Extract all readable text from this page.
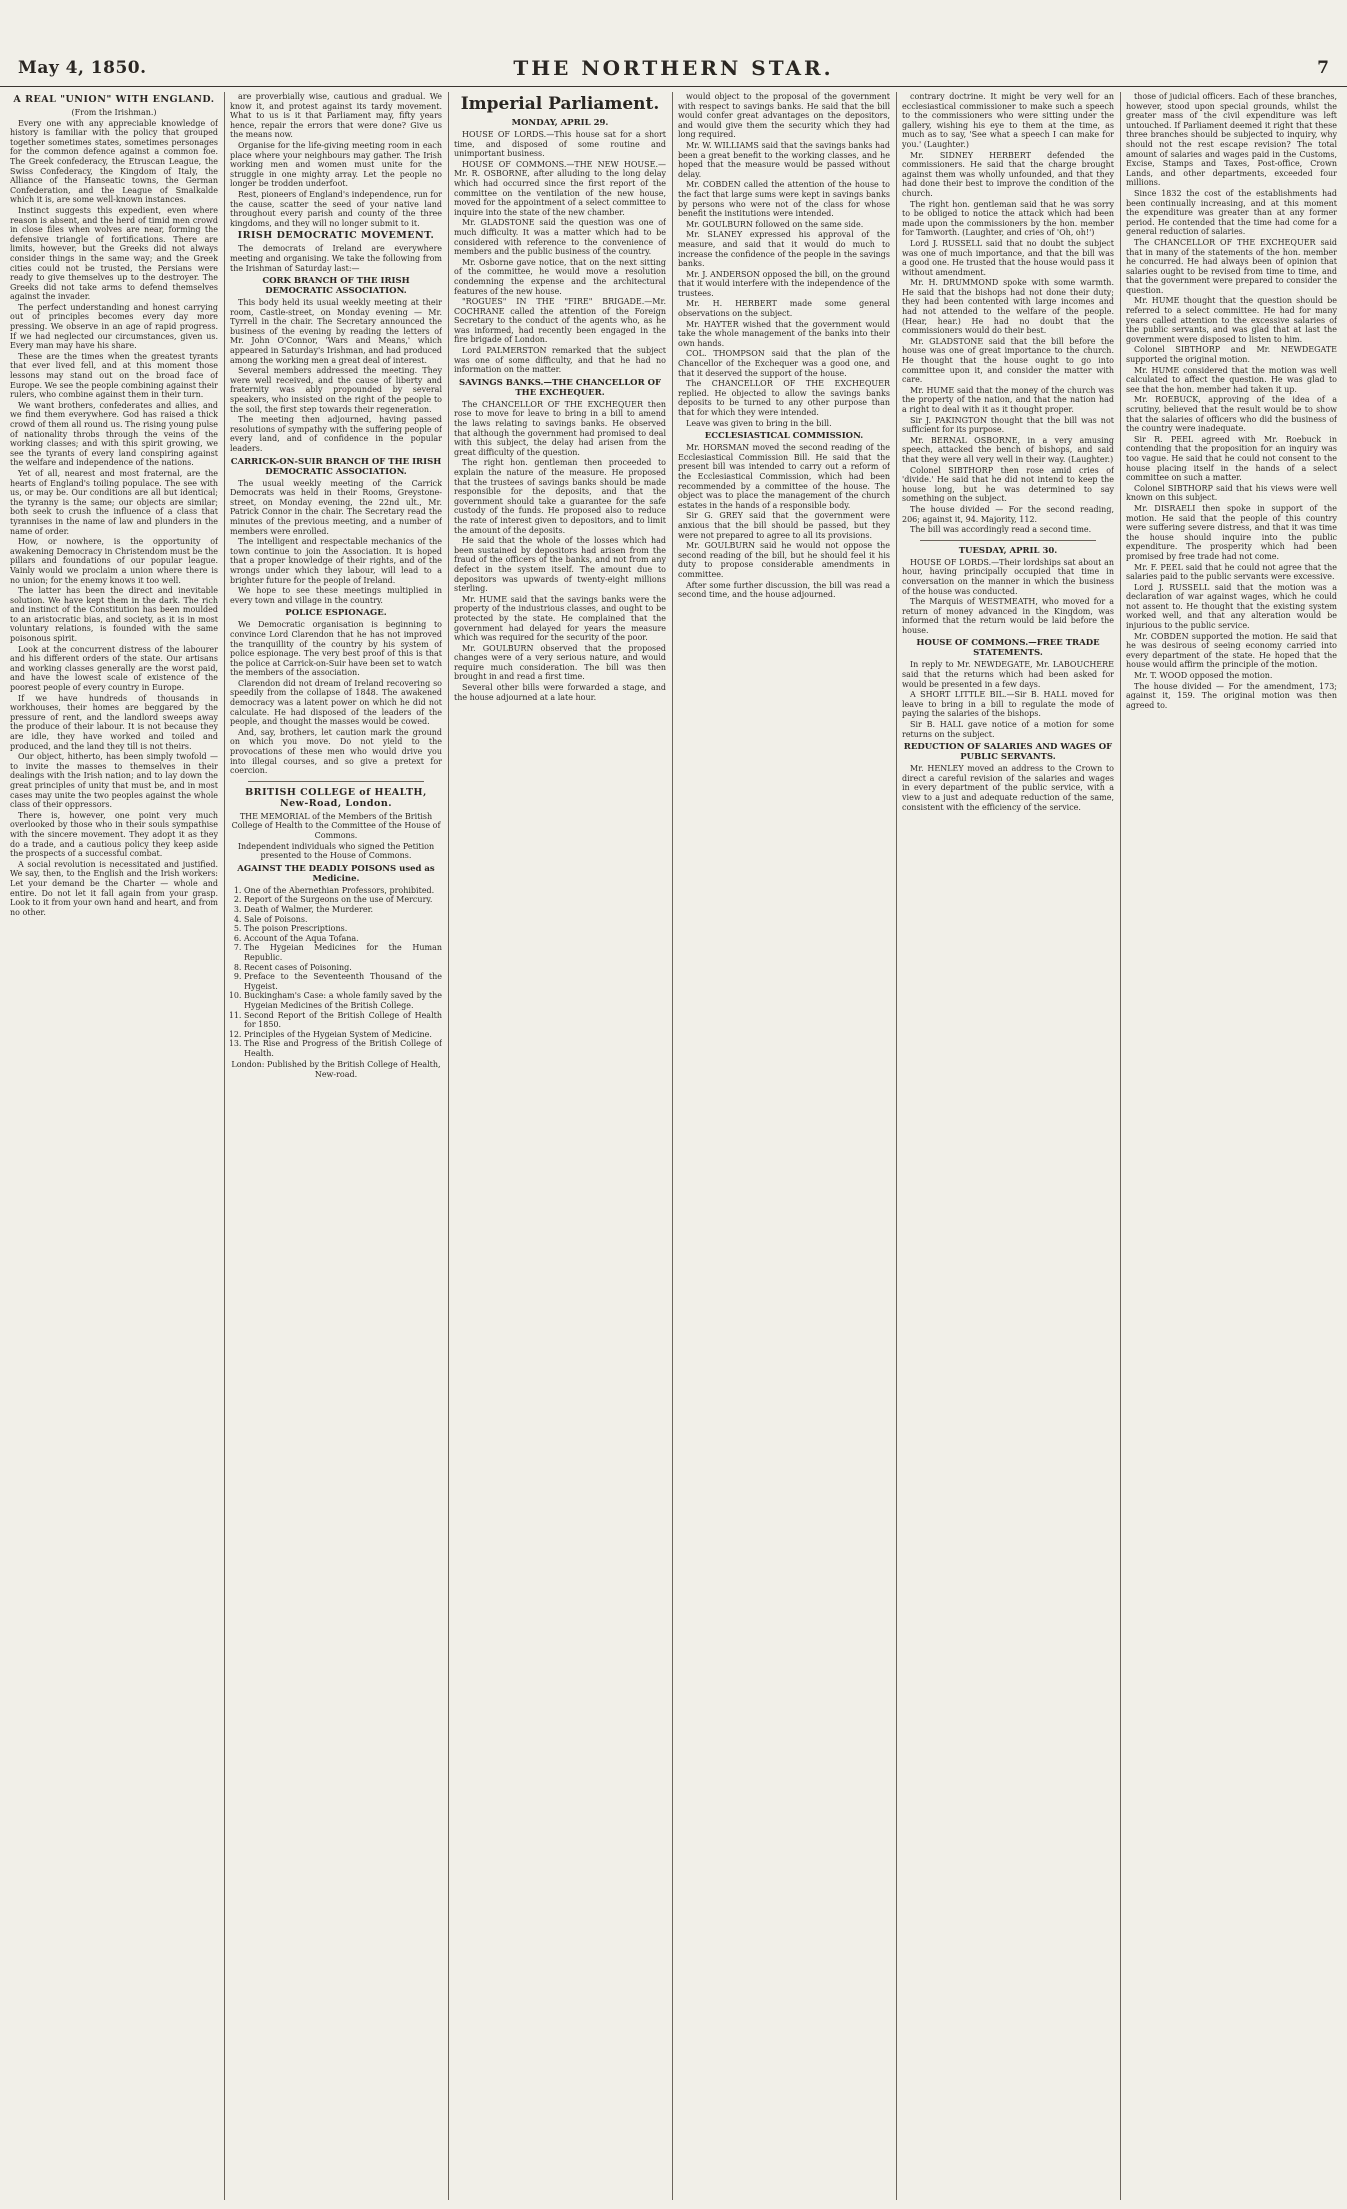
May 4, 1850.	THE NORTHERN STAR.	7
A REAL "UNION" WITH ENGLAND.

(From the Irishman.)

Every one with any appreciable knowledge of history is familiar with the policy that grouped together sometimes states, sometimes personages for the common defence against a common foe. The Greek confederacy, the Etruscan League, the Swiss Confederacy, the Kingdom of Italy, the Alliance of the Hanseatic towns, the German Confederation, and the League of Smalkalde which it is, are some well-known instances.

Instinct suggests this expedient, even where reason is absent, and the herd of timid men crowd in close files when wolves are near, forming the defensive triangle of fortifications. There are limits, however, but the Greeks did not always consider things in the same way; and the Greek cities could not be trusted, the Persians were ready to give themselves up to the destroyer. The Greeks did not take arms to defend themselves against the invader.

The perfect understanding and honest carrying out of principles becomes every day more pressing. We observe in an age of rapid progress. If we had neglected our circumstances, given us. Every man may have his share.

These are the times when the greatest tyrants that ever lived fell, and at this moment those lessons may stand out on the broad face of Europe. We see the people combining against their rulers, who combine against them in their turn.

We want brothers, confederates and allies, and we find them everywhere. God has raised a thick crowd of them all round us. The rising young pulse of nationality throbs through the veins of the working classes; and with this spirit growing, we see the tyrants of every land conspiring against the welfare and independence of the nations.

Yet of all, nearest and most fraternal, are the hearts of England's toiling populace. The see with us, or may be. Our conditions are all but identical; the tyranny is the same; our objects are similar; both seek to crush the influence of a class that tyrannises in the name of law and plunders in the name of order.

How, or nowhere, is the opportunity of awakening Democracy in Christendom must be the pillars and foundations of our popular league. Vainly would we proclaim a union where there is no union; for the enemy knows it too well.

The latter has been the direct and inevitable solution. We have kept them in the dark. The rich and instinct of the Constitution has been moulded to an aristocratic bias, and society, as it is in most voluntary relations, is founded with the same poisonous spirit.

Look at the concurrent distress of the labourer and his different orders of the state. Our artisans and working classes generally are the worst paid, and have the lowest scale of existence of the poorest people of every country in Europe.

If we have hundreds of thousands in workhouses, their homes are beggared by the pressure of rent, and the landlord sweeps away the produce of their labour. It is not because they are idle, they have worked and toiled and produced, and the land they till is not theirs.

Our object, hitherto, has been simply twofold — to invite the masses to themselves in their dealings with the Irish nation; and to lay down the great principles of unity that must be, and in most cases may unite the two peoples against the whole class of their oppressors.

There is, however, one point very much overlooked by those who in their souls sympathise with the sincere movement. They adopt it as they do a trade, and a cautious policy they keep aside the prospects of a successful combat.

A social revolution is necessitated and justified. We say, then, to the English and the Irish workers: Let your demand be the Charter — whole and entire. Do not let it fall again from your grasp. Look to it from your own hand and heart, and from no other.

are proverbially wise, cautious and gradual. We know it, and protest against its tardy movement. What to us is it that Parliament may, fifty years hence, repair the errors that were done? Give us the means now.

Organise for the life-giving meeting room in each place where your neighbours may gather. The Irish working men and women must unite for the struggle in one mighty array. Let the people no longer be trodden underfoot.

Rest, pioneers of England's independence, run for the cause, scatter the seed of your native land throughout every parish and county of the three kingdoms, and they will no longer submit to it.

IRISH DEMOCRATIC MOVEMENT.

The democrats of Ireland are everywhere meeting and organising. We take the following from the Irishman of Saturday last:—

CORK BRANCH OF THE IRISH DEMOCRATIC ASSOCIATION.

This body held its usual weekly meeting at their room, Castle-street, on Monday evening — Mr. Tyrrell in the chair. The Secretary announced the business of the evening by reading the letters of Mr. John O'Connor, 'Wars and Means,' which appeared in Saturday's Irishman, and had produced among the working men a great deal of interest.

Several members addressed the meeting. They were well received, and the cause of liberty and fraternity was ably propounded by several speakers, who insisted on the right of the people to the soil, the first step towards their regeneration.

The meeting then adjourned, having passed resolutions of sympathy with the suffering people of every land, and of confidence in the popular leaders.

CARRICK-ON-SUIR BRANCH OF THE IRISH DEMOCRATIC ASSOCIATION.

The usual weekly meeting of the Carrick Democrats was held in their Rooms, Greystone-street, on Monday evening, the 22nd ult., Mr. Patrick Connor in the chair. The Secretary read the minutes of the previous meeting, and a number of members were enrolled.

The intelligent and respectable mechanics of the town continue to join the Association. It is hoped that a proper knowledge of their rights, and of the wrongs under which they labour, will lead to a brighter future for the people of Ireland.

We hope to see these meetings multiplied in every town and village in the country.

POLICE ESPIONAGE.

We Democratic organisation is beginning to convince Lord Clarendon that he has not improved the tranquillity of the country by his system of police espionage. The very best proof of this is that the police at Carrick-on-Suir have been set to watch the members of the association.

Clarendon did not dream of Ireland recovering so speedily from the collapse of 1848. The awakened democracy was a latent power on which he did not calculate. He had disposed of the leaders of the people, and thought the masses would be cowed.

And, say, brothers, let caution mark the ground on which you move. Do not yield to the provocations of these men who would drive you into illegal courses, and so give a pretext for coercion.

BRITISH COLLEGE of HEALTH, New-Road, London.

THE MEMORIAL of the Members of the British College of Health to the Committee of the House of Commons.

Independent individuals who signed the Petition presented to the House of Commons.

AGAINST THE DEADLY POISONS used as Medicine.
1. One of the Abernethian Professors, prohibited.
2. Report of the Surgeons on the use of Mercury.
3. Death of Walmer, the Murderer.
4. Sale of Poisons.
5. The poison Prescriptions.
6. Account of the Aqua Tofana.
7. The Hygeian Medicines for the Human Republic.
8. Recent cases of Poisoning.
9. Preface to the Seventeenth Thousand of the Hygeist.
10. Buckingham's Case: a whole family saved by the Hygeian Medicines of the British College.
11. Second Report of the British College of Health for 1850.
12. Principles of the Hygeian System of Medicine.
13. The Rise and Progress of the British College of Health.

London: Published by the British College of Health, New-road.

Imperial Parliament.
MONDAY, APRIL 29.

HOUSE OF LORDS.—This house sat for a short time, and disposed of some routine and unimportant business.

HOUSE OF COMMONS.—THE NEW HOUSE.—Mr. R. OSBORNE, after alluding to the long delay which had occurred since the first report of the committee on the ventilation of the new house, moved for the appointment of a select committee to inquire into the state of the new chamber.

Mr. GLADSTONE said the question was one of much difficulty. It was a matter which had to be considered with reference to the convenience of members and the public business of the country.

Mr. Osborne gave notice, that on the next sitting of the committee, he would move a resolution condemning the expense and the architectural features of the new house.

"ROGUES" IN THE "FIRE" BRIGADE.—Mr. COCHRANE called the attention of the Foreign Secretary to the conduct of the agents who, as he was informed, had recently been engaged in the fire brigade of London.

Lord PALMERSTON remarked that the subject was one of some difficulty, and that he had no information on the matter.

SAVINGS BANKS.—THE CHANCELLOR OF THE EXCHEQUER.

The CHANCELLOR OF THE EXCHEQUER then rose to move for leave to bring in a bill to amend the laws relating to savings banks. He observed that although the government had promised to deal with this subject, the delay had arisen from the great difficulty of the question.

The right hon. gentleman then proceeded to explain the nature of the measure. He proposed that the trustees of savings banks should be made responsible for the deposits, and that the government should take a guarantee for the safe custody of the funds. He proposed also to reduce the rate of interest given to depositors, and to limit the amount of the deposits.

He said that the whole of the losses which had been sustained by depositors had arisen from the fraud of the officers of the banks, and not from any defect in the system itself. The amount due to depositors was upwards of twenty-eight millions sterling.

Mr. HUME said that the savings banks were the property of the industrious classes, and ought to be protected by the state. He complained that the government had delayed for years the measure which was required for the security of the poor.

Mr. GOULBURN observed that the proposed changes were of a very serious nature, and would require much consideration. The bill was then brought in and read a first time.

Several other bills were forwarded a stage, and the house adjourned at a late hour.

would object to the proposal of the government with respect to savings banks. He said that the bill would confer great advantages on the depositors, and would give them the security which they had long required.

Mr. W. WILLIAMS said that the savings banks had been a great benefit to the working classes, and he hoped that the measure would be passed without delay.

Mr. COBDEN called the attention of the house to the fact that large sums were kept in savings banks by persons who were not of the class for whose benefit the institutions were intended.

Mr. GOULBURN followed on the same side.

Mr. SLANEY expressed his approval of the measure, and said that it would do much to increase the confidence of the people in the savings banks.

Mr. J. ANDERSON opposed the bill, on the ground that it would interfere with the independence of the trustees.

Mr. H. HERBERT made some general observations on the subject.

Mr. HAYTER wished that the government would take the whole management of the banks into their own hands.

COL. THOMPSON said that the plan of the Chancellor of the Exchequer was a good one, and that it deserved the support of the house.

The CHANCELLOR OF THE EXCHEQUER replied. He objected to allow the savings banks deposits to be turned to any other purpose than that for which they were intended.

Leave was given to bring in the bill.

ECCLESIASTICAL COMMISSION.

Mr. HORSMAN moved the second reading of the Ecclesiastical Commission Bill. He said that the present bill was intended to carry out a reform of the Ecclesiastical Commission, which had been recommended by a committee of the house. The object was to place the management of the church estates in the hands of a responsible body.

Sir G. GREY said that the government were anxious that the bill should be passed, but they were not prepared to agree to all its provisions.

Mr. GOULBURN said he would not oppose the second reading of the bill, but he should feel it his duty to propose considerable amendments in committee.

After some further discussion, the bill was read a second time, and the house adjourned.

contrary doctrine. It might be very well for an ecclesiastical commissioner to make such a speech to the commissioners who were sitting under the gallery, wishing his eye to them at the time, as much as to say, 'See what a speech I can make for you.' (Laughter.)

Mr. SIDNEY HERBERT defended the commissioners. He said that the charge brought against them was wholly unfounded, and that they had done their best to improve the condition of the church.

The right hon. gentleman said that he was sorry to be obliged to notice the attack which had been made upon the commissioners by the hon. member for Tamworth. (Laughter, and cries of 'Oh, oh!')

Lord J. RUSSELL said that no doubt the subject was one of much importance, and that the bill was a good one. He trusted that the house would pass it without amendment.

Mr. H. DRUMMOND spoke with some warmth. He said that the bishops had not done their duty; they had been contented with large incomes and had not attended to the welfare of the people. (Hear, hear.) He had no doubt that the commissioners would do their best.

Mr. GLADSTONE said that the bill before the house was one of great importance to the church. He thought that the house ought to go into committee upon it, and consider the matter with care.

Mr. HUME said that the money of the church was the property of the nation, and that the nation had a right to deal with it as it thought proper.

Sir J. PAKINGTON thought that the bill was not sufficient for its purpose.

Mr. BERNAL OSBORNE, in a very amusing speech, attacked the bench of bishops, and said that they were all very well in their way. (Laughter.)

Colonel SIBTHORP then rose amid cries of 'divide.' He said that he did not intend to keep the house long, but he was determined to say something on the subject.

The house divided — For the second reading, 206; against it, 94. Majority, 112.

The bill was accordingly read a second time.

TUESDAY, APRIL 30.

HOUSE OF LORDS.—Their lordships sat about an hour, having principally occupied that time in conversation on the manner in which the business of the house was conducted.

The Marquis of WESTMEATH, who moved for a return of money advanced in the Kingdom, was informed that the return would be laid before the house.

HOUSE OF COMMONS.—FREE TRADE STATEMENTS.

In reply to Mr. NEWDEGATE, Mr. LABOUCHERE said that the returns which had been asked for would be presented in a few days.

A SHORT LITTLE BIL.—Sir B. HALL moved for leave to bring in a bill to regulate the mode of paying the salaries of the bishops.

Sir B. HALL gave notice of a motion for some returns on the subject.

REDUCTION OF SALARIES AND WAGES OF PUBLIC SERVANTS.

Mr. HENLEY moved an address to the Crown to direct a careful revision of the salaries and wages in every department of the public service, with a view to a just and adequate reduction of the same, consistent with the efficiency of the service.

those of judicial officers. Each of these branches, however, stood upon special grounds, whilst the greater mass of the civil expenditure was left untouched. If Parliament deemed it right that these three branches should be subjected to inquiry, why should not the rest escape revision? The total amount of salaries and wages paid in the Customs, Excise, Stamps and Taxes, Post-office, Crown Lands, and other departments, exceeded four millions.

Since 1832 the cost of the establishments had been continually increasing, and at this moment the expenditure was greater than at any former period. He contended that the time had come for a general reduction of salaries.

The CHANCELLOR OF THE EXCHEQUER said that in many of the statements of the hon. member he concurred. He had always been of opinion that salaries ought to be revised from time to time, and that the government were prepared to consider the question.

Mr. HUME thought that the question should be referred to a select committee. He had for many years called attention to the excessive salaries of the public servants, and was glad that at last the government were disposed to listen to him.

Colonel SIBTHORP and Mr. NEWDEGATE supported the original motion.

Mr. HUME considered that the motion was well calculated to affect the question. He was glad to see that the hon. member had taken it up.

Mr. ROEBUCK, approving of the idea of a scrutiny, believed that the result would be to show that the salaries of officers who did the business of the country were inadequate.

Sir R. PEEL agreed with Mr. Roebuck in contending that the proposition for an inquiry was too vague. He said that he could not consent to the house placing itself in the hands of a select committee on such a matter.

Colonel SIBTHORP said that his views were well known on this subject.

Mr. DISRAELI then spoke in support of the motion. He said that the people of this country were suffering severe distress, and that it was time the house should inquire into the public expenditure. The prosperity which had been promised by free trade had not come.

Mr. F. PEEL said that he could not agree that the salaries paid to the public servants were excessive.

Lord J. RUSSELL said that the motion was a declaration of war against wages, which he could not assent to. He thought that the existing system worked well, and that any alteration would be injurious to the public service.

Mr. COBDEN supported the motion. He said that he was desirous of seeing economy carried into every department of the state. He hoped that the house would affirm the principle of the motion.

Mr. T. WOOD opposed the motion.

The house divided — For the amendment, 173; against it, 159. The original motion was then agreed to.
